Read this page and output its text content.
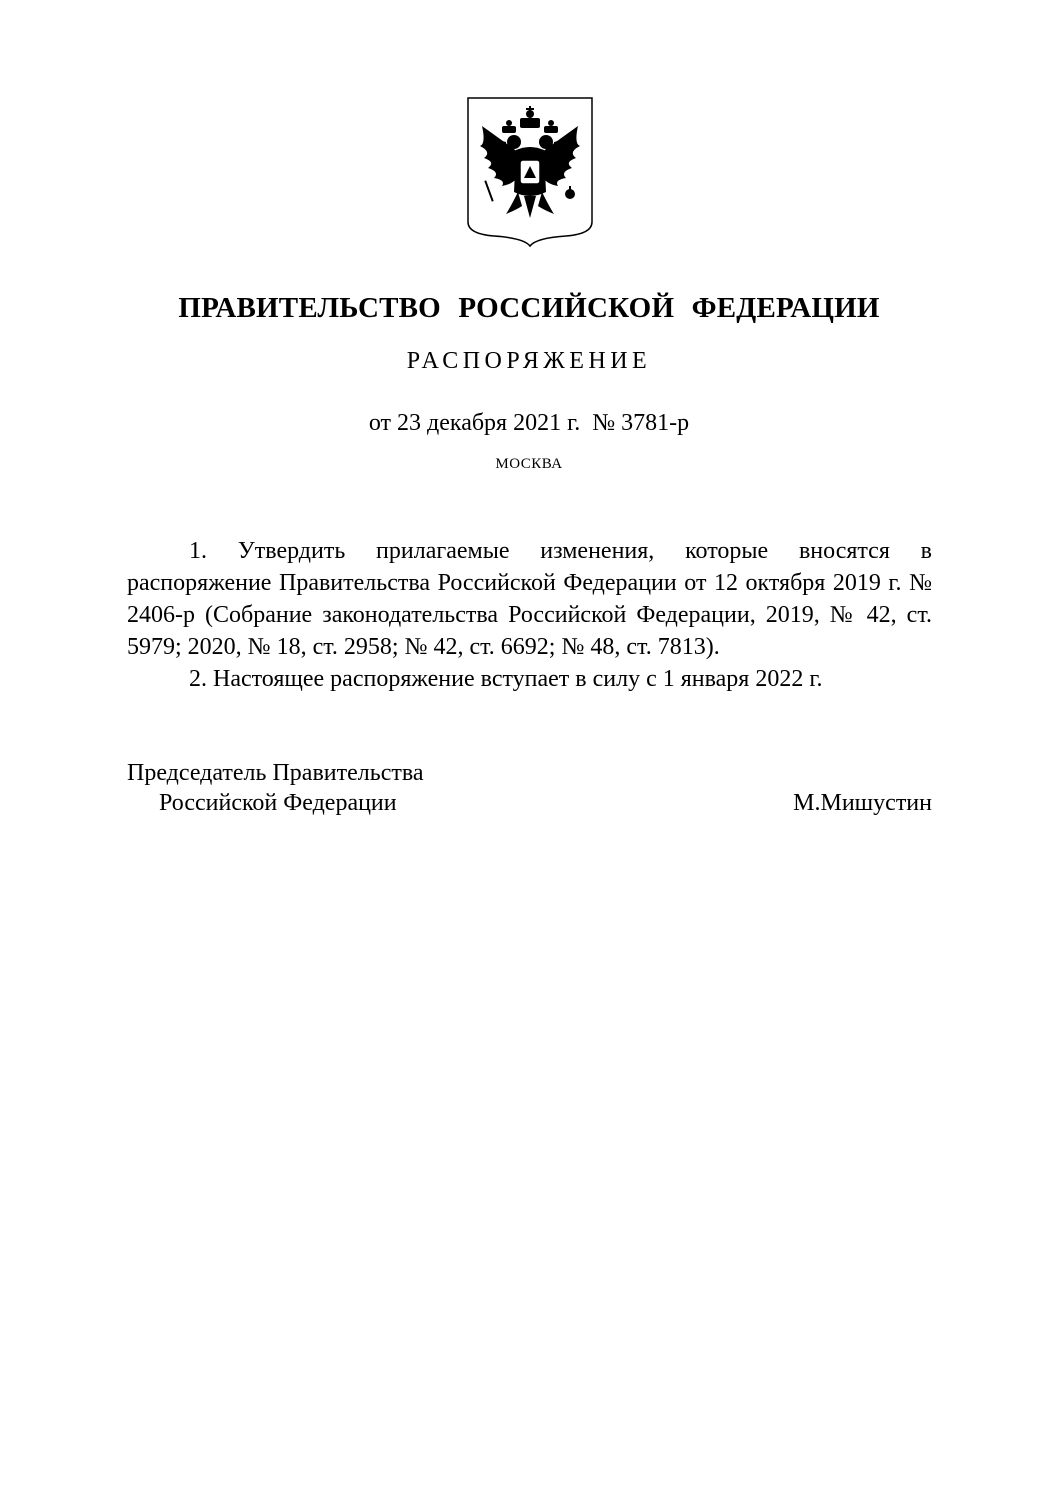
ПРАВИТЕЛЬСТВО РОССИЙСКОЙ ФЕДЕРАЦИИ
РАСПОРЯЖЕНИЕ
от 23 декабря 2021 г.  № 3781-р
МОСКВА

1. Утвердить прилагаемые изменения, которые вносятся в распоряжение Правительства Российской Федерации от 12 октября 2019 г. № 2406-р (Собрание законодательства Российской Федерации, 2019, № 42, ст. 5979; 2020, № 18, ст. 2958; № 42, ст. 6692; № 48, ст. 7813).

2. Настоящее распоряжение вступает в силу с 1 января 2022 г.

Председатель Правительства
Российской Федерации	М.Мишустин
